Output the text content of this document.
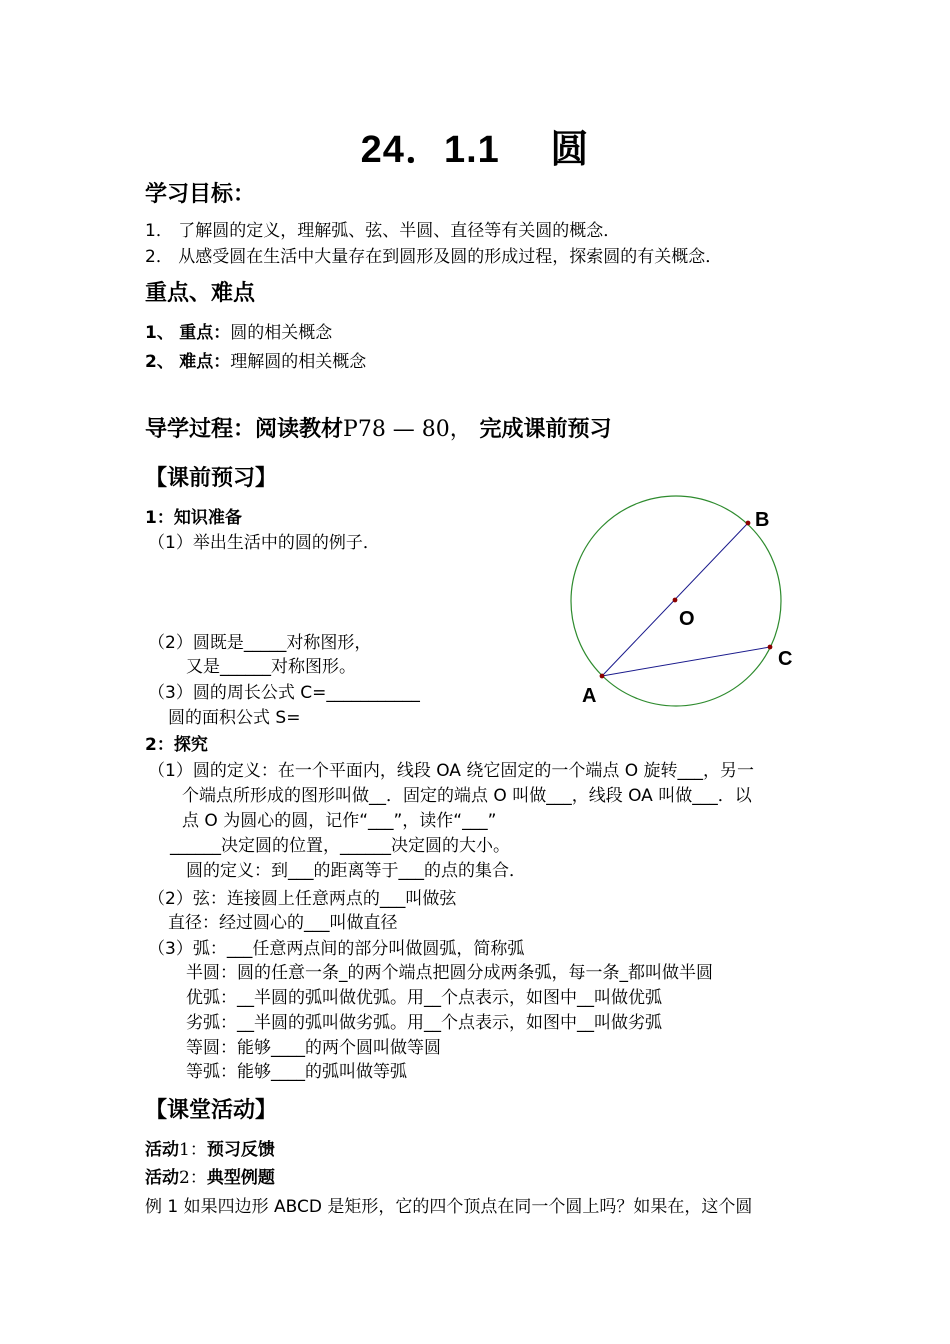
24．1.1　 圆
学习目标：
1． 了解圆的定义，理解弧、弦、半圆、直径等有关圆的概念．
2． 从感受圆在生活中大量存在到圆形及圆的形成过程，探索圆的有关概念．
重点、难点
1、 重点：圆的相关概念
2、 难点：理解圆的相关概念
导学过程：阅读教材P78 — 80， 完成课前预习
【课前预习】
1：知识准备
（1）举出生活中的圆的例子．
（2）圆既是_____对称图形，
又是______对称图形。
（3）圆的周长公式 C=___________
圆的面积公式 S=
2：探究
（1）圆的定义：在一个平面内，线段 OA 绕它固定的一个端点 O 旋转___，另一
个端点所形成的图形叫做__．固定的端点 O 叫做___，线段 OA 叫做___．以
点 O 为圆心的圆，记作“___”，读作“___”
______决定圆的位置，______决定圆的大小。
圆的定义：到___的距离等于___的点的集合．
（2）弦：连接圆上任意两点的___叫做弦
直径：经过圆心的___叫做直径
（3）弧：___任意两点间的部分叫做圆弧，简称弧
半圆：圆的任意一条_的两个端点把圆分成两条弧，每一条_都叫做半圆
优弧：__半圆的弧叫做优弧。用__个点表示，如图中__叫做优弧
劣弧：__半圆的弧叫做劣弧。用__个点表示，如图中__叫做劣弧
等圆：能够____的两个圆叫做等圆
等弧：能够____的弧叫做等弧
【课堂活动】
活动1：预习反馈
活动2：典型例题
例 1 如果四边形 ABCD 是矩形，它的四个顶点在同一个圆上吗？如果在，这个圆
A
B
C
O
